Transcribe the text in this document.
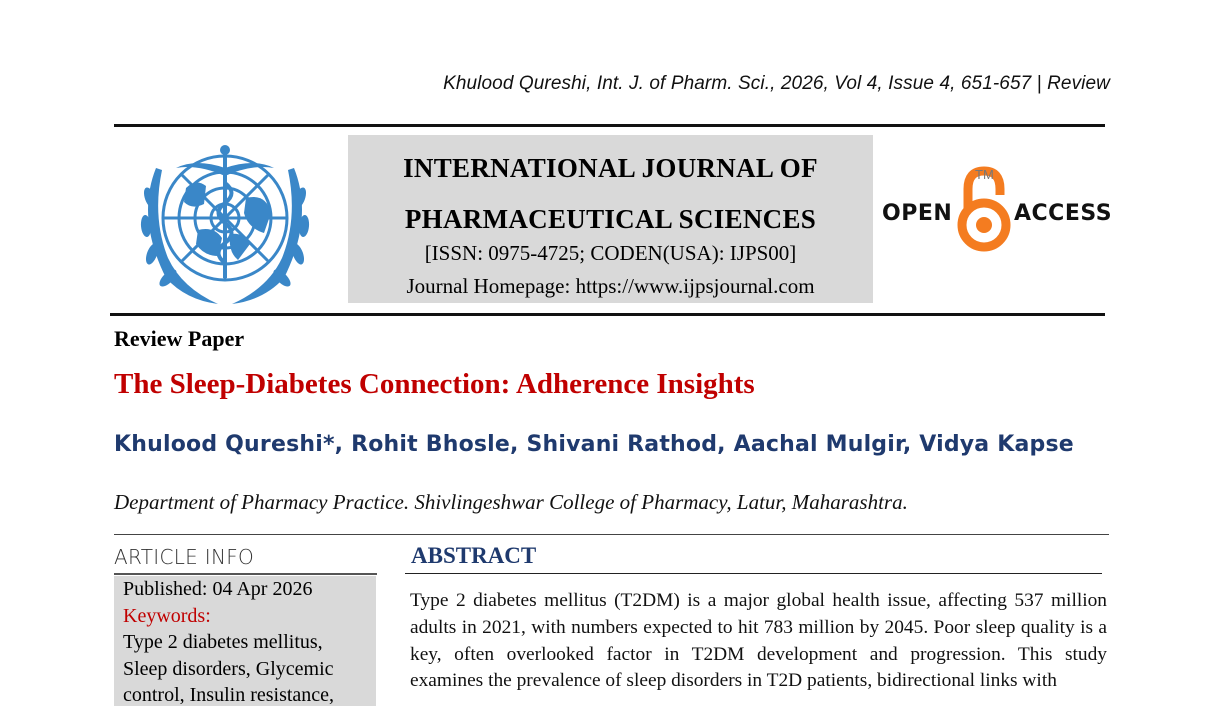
Khulood Qureshi, Int. J. of Pharm. Sci., 2026, Vol 4, Issue 4, 651-657 | Review
INTERNATIONAL JOURNAL OF
PHARMACEUTICAL SCIENCES
[ISSN: 0975-4725; CODEN(USA): IJPS00]
Journal Homepage: https://www.ijpsjournal.com
OPEN
TM
ACCESS
Review Paper
The Sleep-Diabetes Connection: Adherence Insights
Khulood Qureshi*, Rohit Bhosle, Shivani Rathod, Aachal Mulgir, Vidya Kapse
Department of Pharmacy Practice. Shivlingeshwar College of Pharmacy, Latur, Maharashtra.
ARTICLE INFO
Published: 04 Apr 2026
Keywords:
Type 2 diabetes mellitus,
Sleep disorders, Glycemic
control, Insulin resistance,
ABSTRACT
Type 2 diabetes mellitus (T2DM) is a major global health issue, affecting 537 million adults in 2021, with numbers expected to hit 783 million by 2045. Poor sleep quality is a key, often overlooked factor in T2DM development and progression. This study examines the prevalence of sleep disorders in T2D patients, bidirectional links with
